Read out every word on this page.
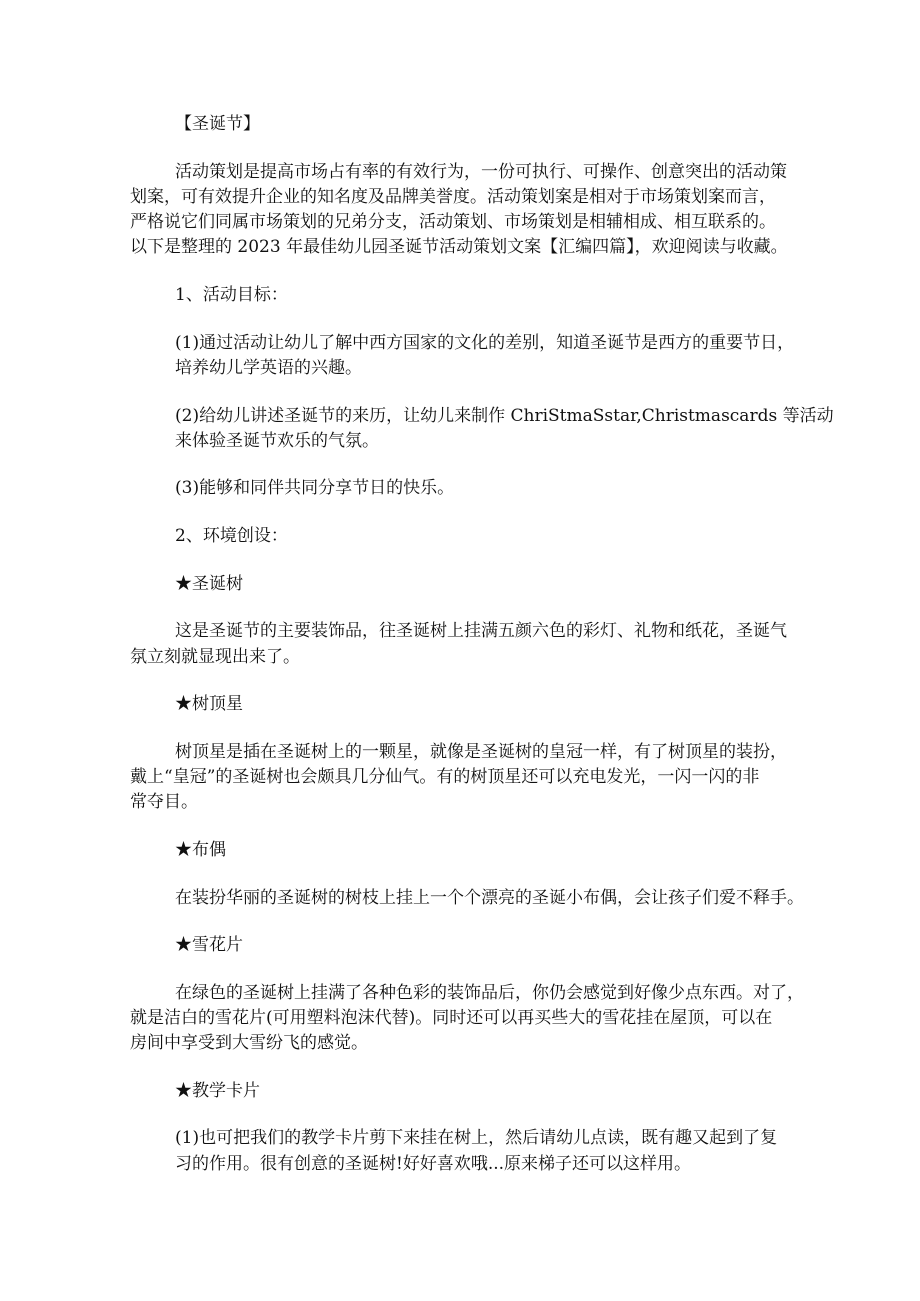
【圣诞节】
活动策划是提高市场占有率的有效行为，一份可执行、可操作、创意突出的活动策
划案，可有效提升企业的知名度及品牌美誉度。活动策划案是相对于市场策划案而言，
严格说它们同属市场策划的兄弟分支，活动策划、市场策划是相辅相成、相互联系的。
以下是整理的 2023 年最佳幼儿园圣诞节活动策划文案【汇编四篇】，欢迎阅读与收藏。
1、活动目标：
(1)通过活动让幼儿了解中西方国家的文化的差别，知道圣诞节是西方的重要节日，
培养幼儿学英语的兴趣。
(2)给幼儿讲述圣诞节的来历，让幼儿来制作 ChriStmaSstar,Christmascards 等活动
来体验圣诞节欢乐的气氛。
(3)能够和同伴共同分享节日的快乐。
2、环境创设：
★圣诞树
这是圣诞节的主要装饰品，往圣诞树上挂满五颜六色的彩灯、礼物和纸花，圣诞气
氛立刻就显现出来了。
★树顶星
树顶星是插在圣诞树上的一颗星，就像是圣诞树的皇冠一样，有了树顶星的装扮，
戴上“皇冠”的圣诞树也会颇具几分仙气。有的树顶星还可以充电发光，一闪一闪的非
常夺目。
★布偶
在装扮华丽的圣诞树的树枝上挂上一个个漂亮的圣诞小布偶，会让孩子们爱不释手。
★雪花片
在绿色的圣诞树上挂满了各种色彩的装饰品后，你仍会感觉到好像少点东西。对了，
就是洁白的雪花片(可用塑料泡沫代替)。同时还可以再买些大的雪花挂在屋顶，可以在
房间中享受到大雪纷飞的感觉。
★教学卡片
(1)也可把我们的教学卡片剪下来挂在树上，然后请幼儿点读，既有趣又起到了复
习的作用。很有创意的圣诞树!好好喜欢哦...原来梯子还可以这样用。
